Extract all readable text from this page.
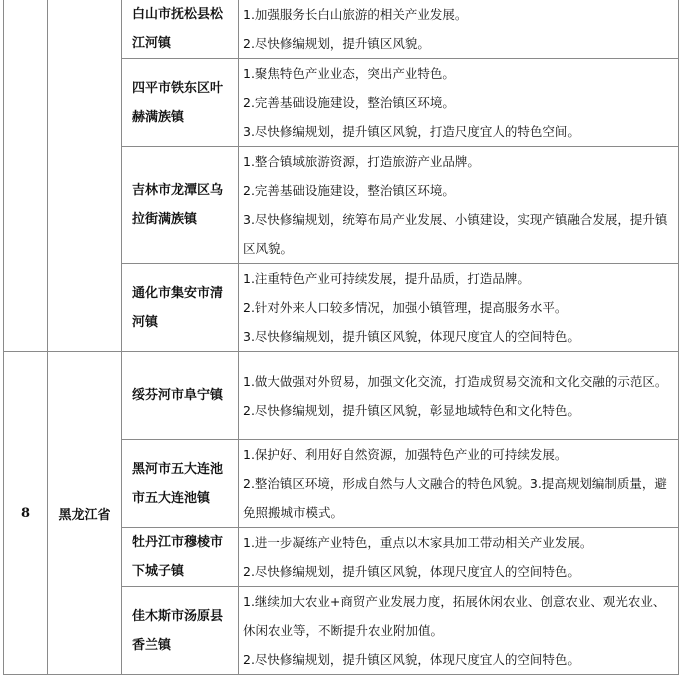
		白山市抚松县松江河镇	1.加强服务长白山旅游的相关产业发展。

2.尽快修编规划，提升镇区风貌。

		四平市铁东区叶赫满族镇	1.聚焦特色产业业态，突出产业特色。

2.完善基础设施建设，整治镇区环境。

3.尽快修编规划，提升镇区风貌，打造尺度宜人的特色空间。

		吉林市龙潭区乌拉街满族镇	1.整合镇域旅游资源，打造旅游产业品牌。

2.完善基础设施建设，整治镇区环境。

3.尽快修编规划，统筹布局产业发展、小镇建设，实现产镇融合发展，提升镇区风貌。

		通化市集安市清河镇	1.注重特色产业可持续发展，提升品质，打造品牌。

2.针对外来人口较多情况，加强小镇管理，提高服务水平。

3.尽快修编规划，提升镇区风貌，体现尺度宜人的空间特色。

8	黑龙江省	绥芬河市阜宁镇	1.做大做强对外贸易，加强文化交流，打造成贸易交流和文化交融的示范区。

2.尽快修编规划，提升镇区风貌，彰显地域特色和文化特色。

		黑河市五大连池市五大连池镇	1.保护好、利用好自然资源，加强特色产业的可持续发展。

2.整治镇区环境，形成自然与人文融合的特色风貌。3.提高规划编制质量，避免照搬城市模式。

		牡丹江市穆棱市下城子镇	1.进一步凝练产业特色，重点以木家具加工带动相关产业发展。

2.尽快修编规划，提升镇区风貌，体现尺度宜人的空间特色。

		佳木斯市汤原县香兰镇	1.继续加大农业+商贸产业发展力度，拓展休闲农业、创意农业、观光农业、休闲农业等，不断提升农业附加值。

2.尽快修编规划，提升镇区风貌，体现尺度宜人的空间特色。
